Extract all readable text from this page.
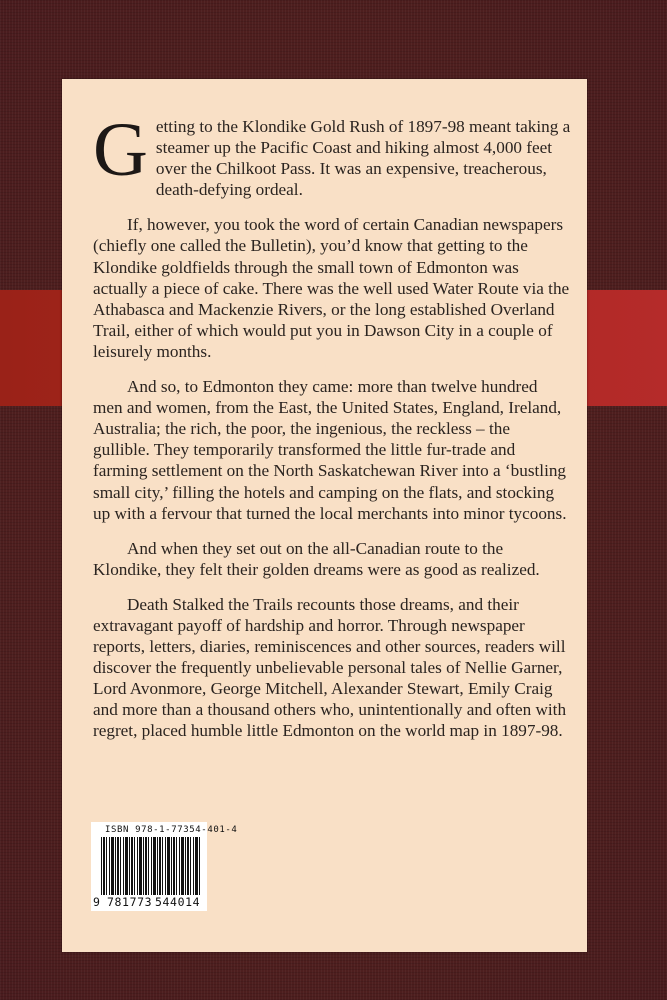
Getting to the Klondike Gold Rush of 1897-98 meant taking a steamer up the Pacific Coast and hiking almost 4,000 feet over the Chilkoot Pass. It was an expensive, treacherous, death-defying ordeal.

If, however, you took the word of certain Canadian newspapers (chiefly one called the Bulletin), you’d know that getting to the Klondike goldfields through the small town of Edmonton was actually a piece of cake. There was the well used Water Route via the Athabasca and Mackenzie Rivers, or the long established Overland Trail, either of which would put you in Dawson City in a couple of leisurely months.

And so, to Edmonton they came: more than twelve hundred men and women, from the East, the United States, England, Ireland, Australia; the rich, the poor, the ingenious, the reckless – the gullible. They temporarily transformed the little fur-trade and farming settlement on the North Saskatchewan River into a ‘bustling small city,’ filling the hotels and camping on the flats, and stocking up with a fervour that turned the local merchants into minor tycoons.

And when they set out on the all-Canadian route to the Klondike, they felt their golden dreams were as good as realized.

Death Stalked the Trails recounts those dreams, and their extravagant payoff of hardship and horror. Through newspaper reports, letters, diaries, reminiscences and other sources, readers will discover the frequently unbelievable personal tales of Nellie Garner, Lord Avonmore, George Mitchell, Alexander Stewart, Emily Craig and more than a thousand others who, unintentionally and often with regret, placed humble little Edmonton on the world map in 1897-98.

ISBN 978-1-77354-401-4
9 781773 544014
